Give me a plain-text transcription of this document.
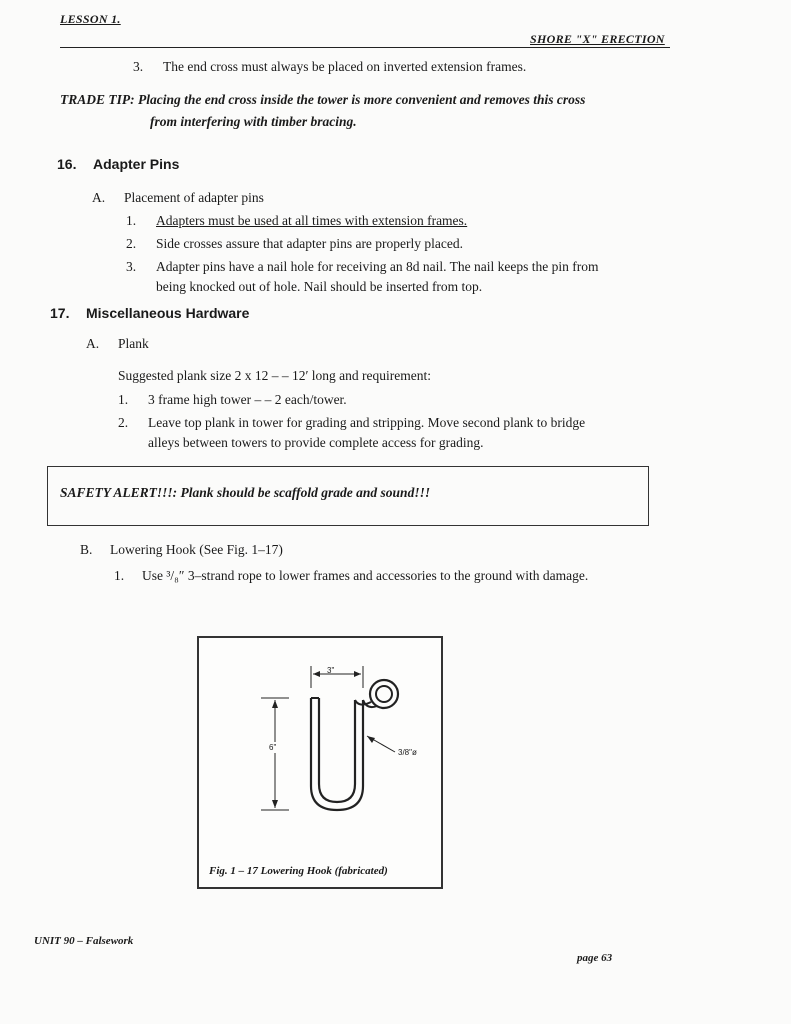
LESSON 1.
SHORE "X" ERECTION
3. The end cross must always be placed on inverted extension frames.
TRADE TIP: Placing the end cross inside the tower is more convenient and removes this cross
from interfering with timber bracing.
16. Adapter Pins
A. Placement of adapter pins
1. Adapters must be used at all times with extension frames.
2. Side crosses assure that adapter pins are properly placed.
3. Adapter pins have a nail hole for receiving an 8d nail. The nail keeps the pin from
being knocked out of hole. Nail should be inserted from top.
17. Miscellaneous Hardware
A. Plank
Suggested plank size 2 x 12 – – 12′ long and requirement:
1. 3 frame high tower – – 2 each/tower.
2. Leave top plank in tower for grading and stripping. Move second plank to bridge
alleys between towers to provide complete access for grading.
SAFETY ALERT!!!: Plank should be scaffold grade and sound!!!
B. Lowering Hook (See Fig. 1–17)
1. Use ³/₈″ 3–strand rope to lower frames and accessories to the ground with damage.
3/8"ø
3"
6"
Fig. 1 – 17 Lowering Hook (fabricated)
UNIT 90 – Falsework
page 63
